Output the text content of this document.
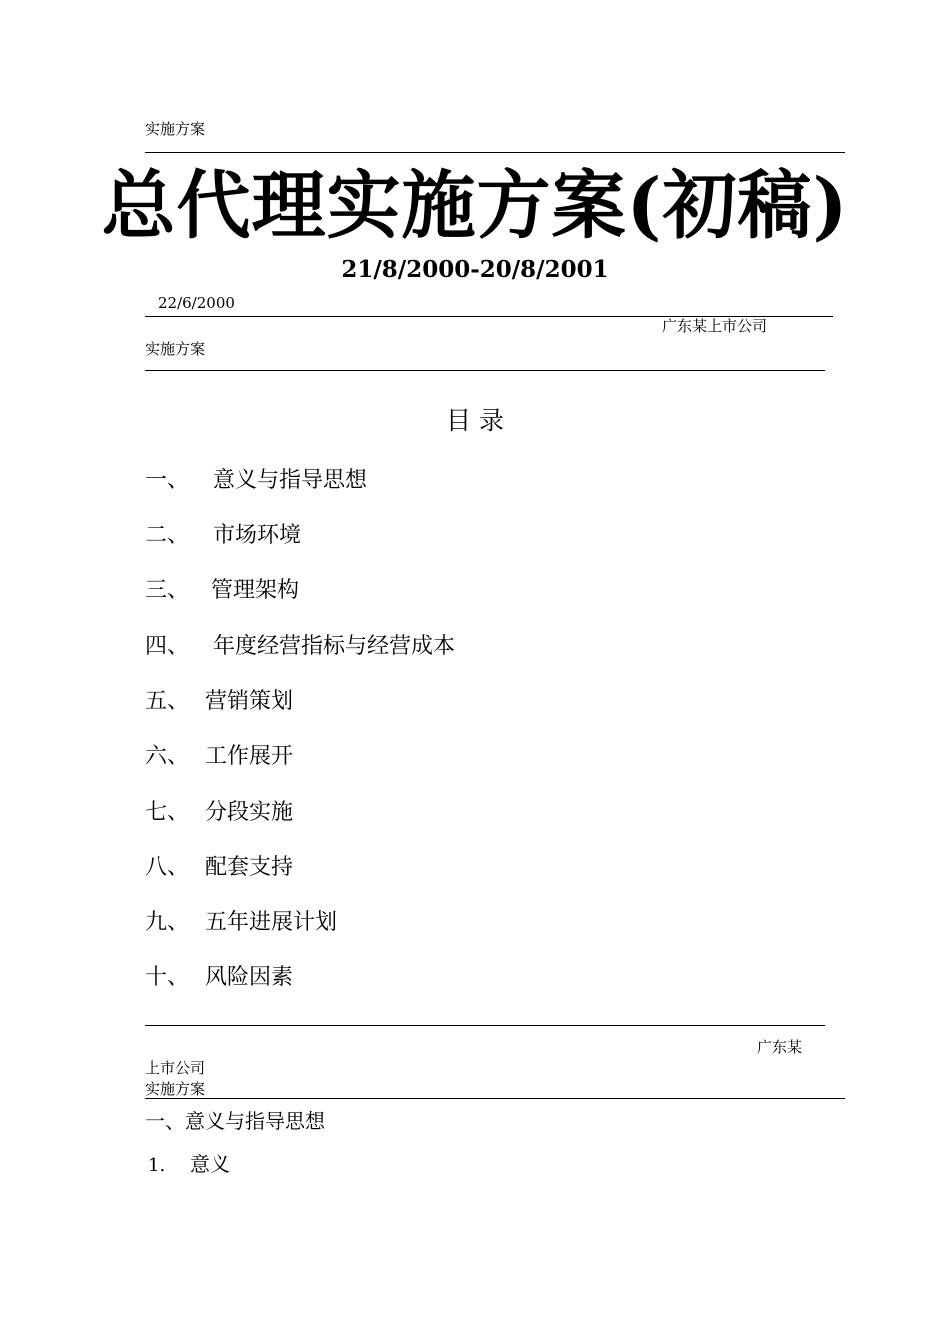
实施方案
总代理实施方案(初稿)
21/8/2000-20/8/2001
22/6/2000
广东某上市公司
实施方案
目 录
一、 意义与指导思想
二、 市场环境
三、 管理架构
四、 年度经营指标与经营成本
五、 营销策划
六、 工作展开
七、 分段实施
八、 配套支持
九、 五年进展计划
十、 风险因素
广东某
上市公司
实施方案
一、意义与指导思想
1. 意义
